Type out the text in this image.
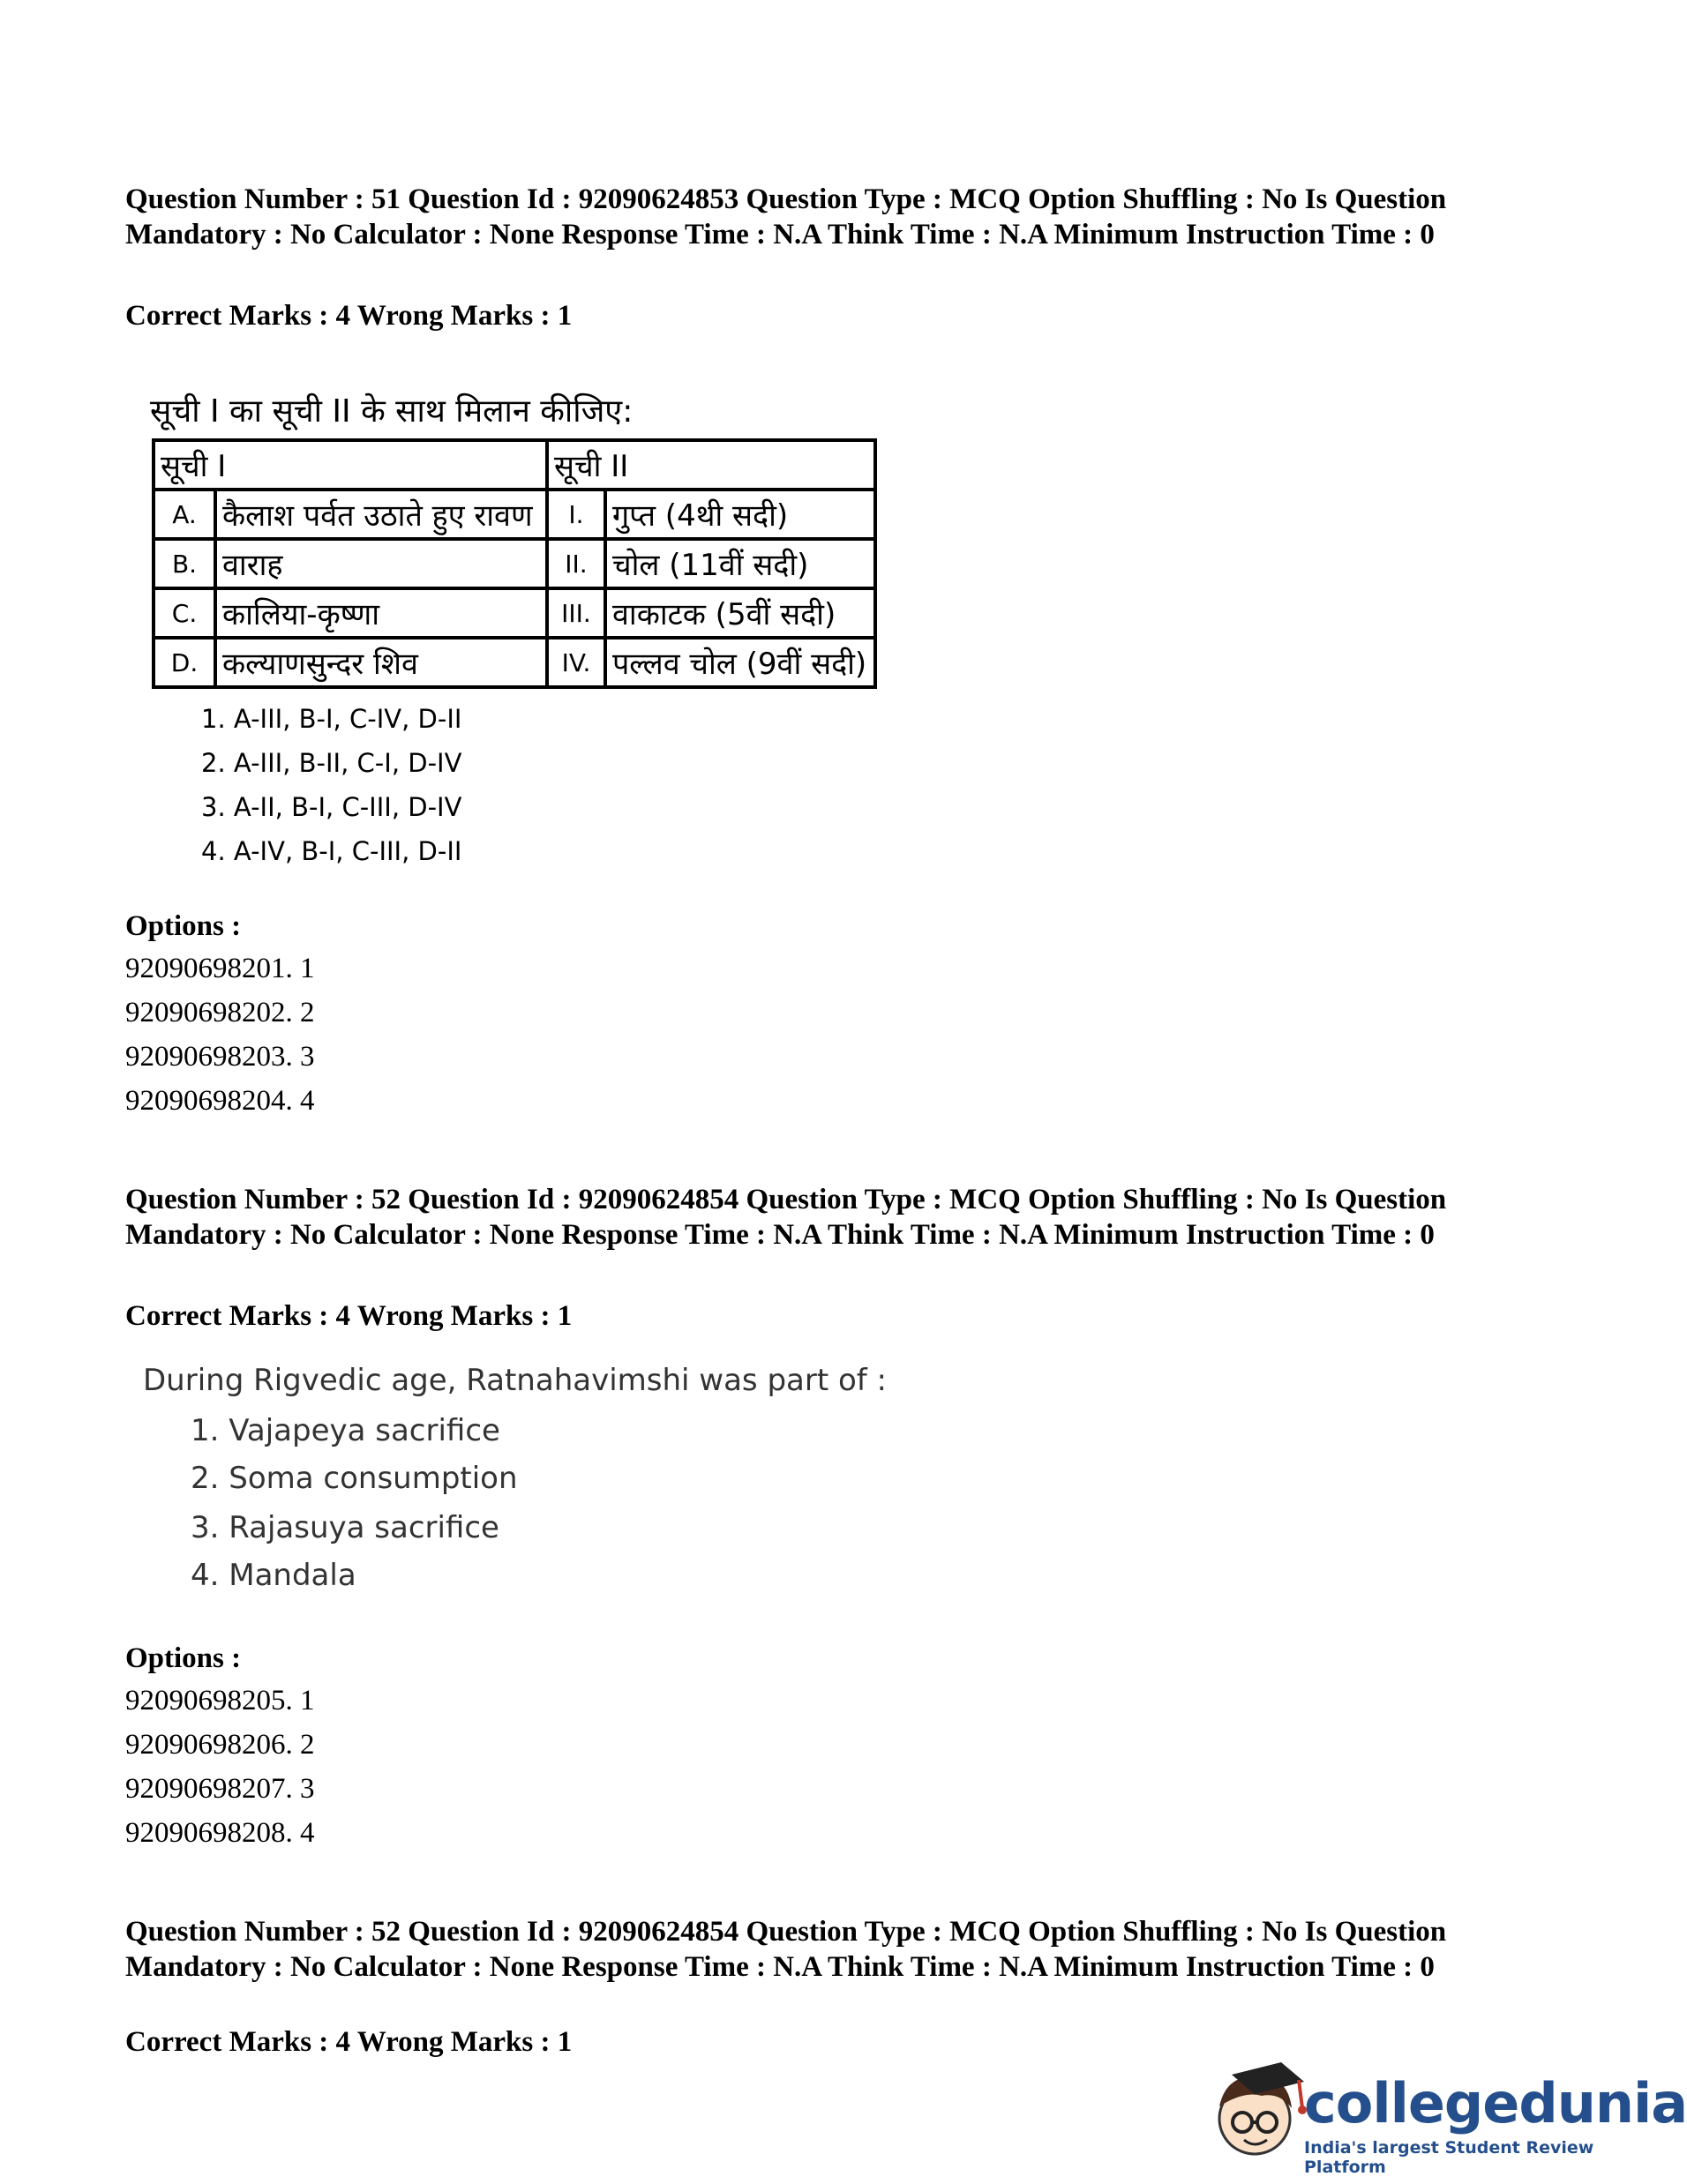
Question Number : 51 Question Id : 92090624853 Question Type : MCQ Option Shuffling : No Is Question Mandatory : No Calculator : None Response Time : N.A Think Time : N.A Minimum Instruction Time : 0
Correct Marks : 4 Wrong Marks : 1
सूची I का सूची II के साथ मिलान कीजिए:
सूची I		सूची II	
A.	कैलाश पर्वत उठाते हुए रावण	I.	गुप्त (4थी सदी)
B.	वाराह	II.	चोल (11वीं सदी)
C.	कालिया-कृष्णा	III.	वाकाटक (5वीं सदी)
D.	कल्याणसुन्दर शिव	IV.	पल्लव चोल (9वीं सदी)
1. A-III, B-I, C-IV, D-II
2. A-III, B-II, C-I, D-IV
3. A-II, B-I, C-III, D-IV
4. A-IV, B-I, C-III, D-II
Options :
92090698201. 1
92090698202. 2
92090698203. 3
92090698204. 4
Question Number : 52 Question Id : 92090624854 Question Type : MCQ Option Shuffling : No Is Question Mandatory : No Calculator : None Response Time : N.A Think Time : N.A Minimum Instruction Time : 0
Correct Marks : 4 Wrong Marks : 1
During Rigvedic age, Ratnahavimshi was part of :
1. Vajapeya sacrifice
2. Soma consumption
3. Rajasuya sacrifice
4. Mandala
Options :
92090698205. 1
92090698206. 2
92090698207. 3
92090698208. 4
Question Number : 52 Question Id : 92090624854 Question Type : MCQ Option Shuffling : No Is Question Mandatory : No Calculator : None Response Time : N.A Think Time : N.A Minimum Instruction Time : 0
Correct Marks : 4 Wrong Marks : 1
collegedunia
India's largest Student Review Platform
